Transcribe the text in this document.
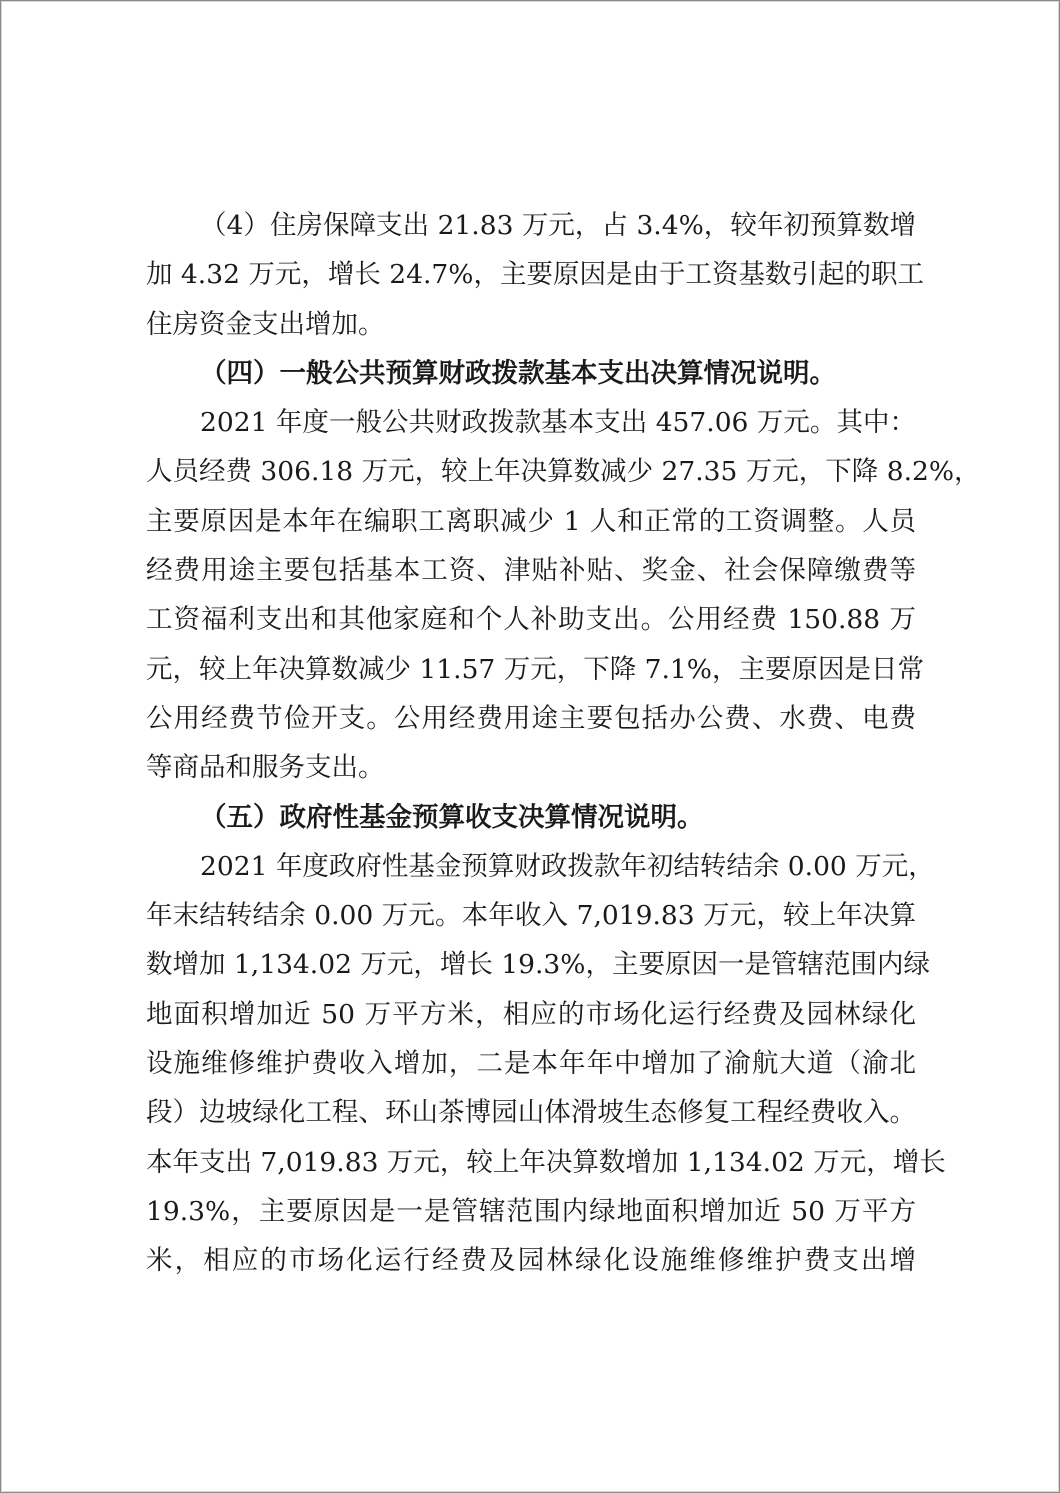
（4）住房保障支出 21.83 万元，占 3.4%，较年初预算数增
加 4.32 万元，增长 24.7%，主要原因是由于工资基数引起的职工
住房资金支出增加。
（四）一般公共预算财政拨款基本支出决算情况说明。
2021 年度一般公共财政拨款基本支出 457.06 万元。其中：
人员经费 306.18 万元，较上年决算数减少 27.35 万元，下降 8.2%，
主要原因是本年在编职工离职减少 1 人和正常的工资调整。人员
经费用途主要包括基本工资、津贴补贴、奖金、社会保障缴费等
工资福利支出和其他家庭和个人补助支出。公用经费 150.88 万
元，较上年决算数减少 11.57 万元，下降 7.1%，主要原因是日常
公用经费节俭开支。公用经费用途主要包括办公费、水费、电费
等商品和服务支出。
（五）政府性基金预算收支决算情况说明。
2021 年度政府性基金预算财政拨款年初结转结余 0.00 万元，
年末结转结余 0.00 万元。本年收入 7,019.83 万元，较上年决算
数增加 1,134.02 万元，增长 19.3%，主要原因一是管辖范围内绿
地面积增加近 50 万平方米，相应的市场化运行经费及园林绿化
设施维修维护费收入增加，二是本年年中增加了渝航大道（渝北
段）边坡绿化工程、环山茶博园山体滑坡生态修复工程经费收入。
本年支出 7,019.83 万元，较上年决算数增加 1,134.02 万元，增长
19.3%，主要原因是一是管辖范围内绿地面积增加近 50 万平方
米，相应的市场化运行经费及园林绿化设施维修维护费支出增
